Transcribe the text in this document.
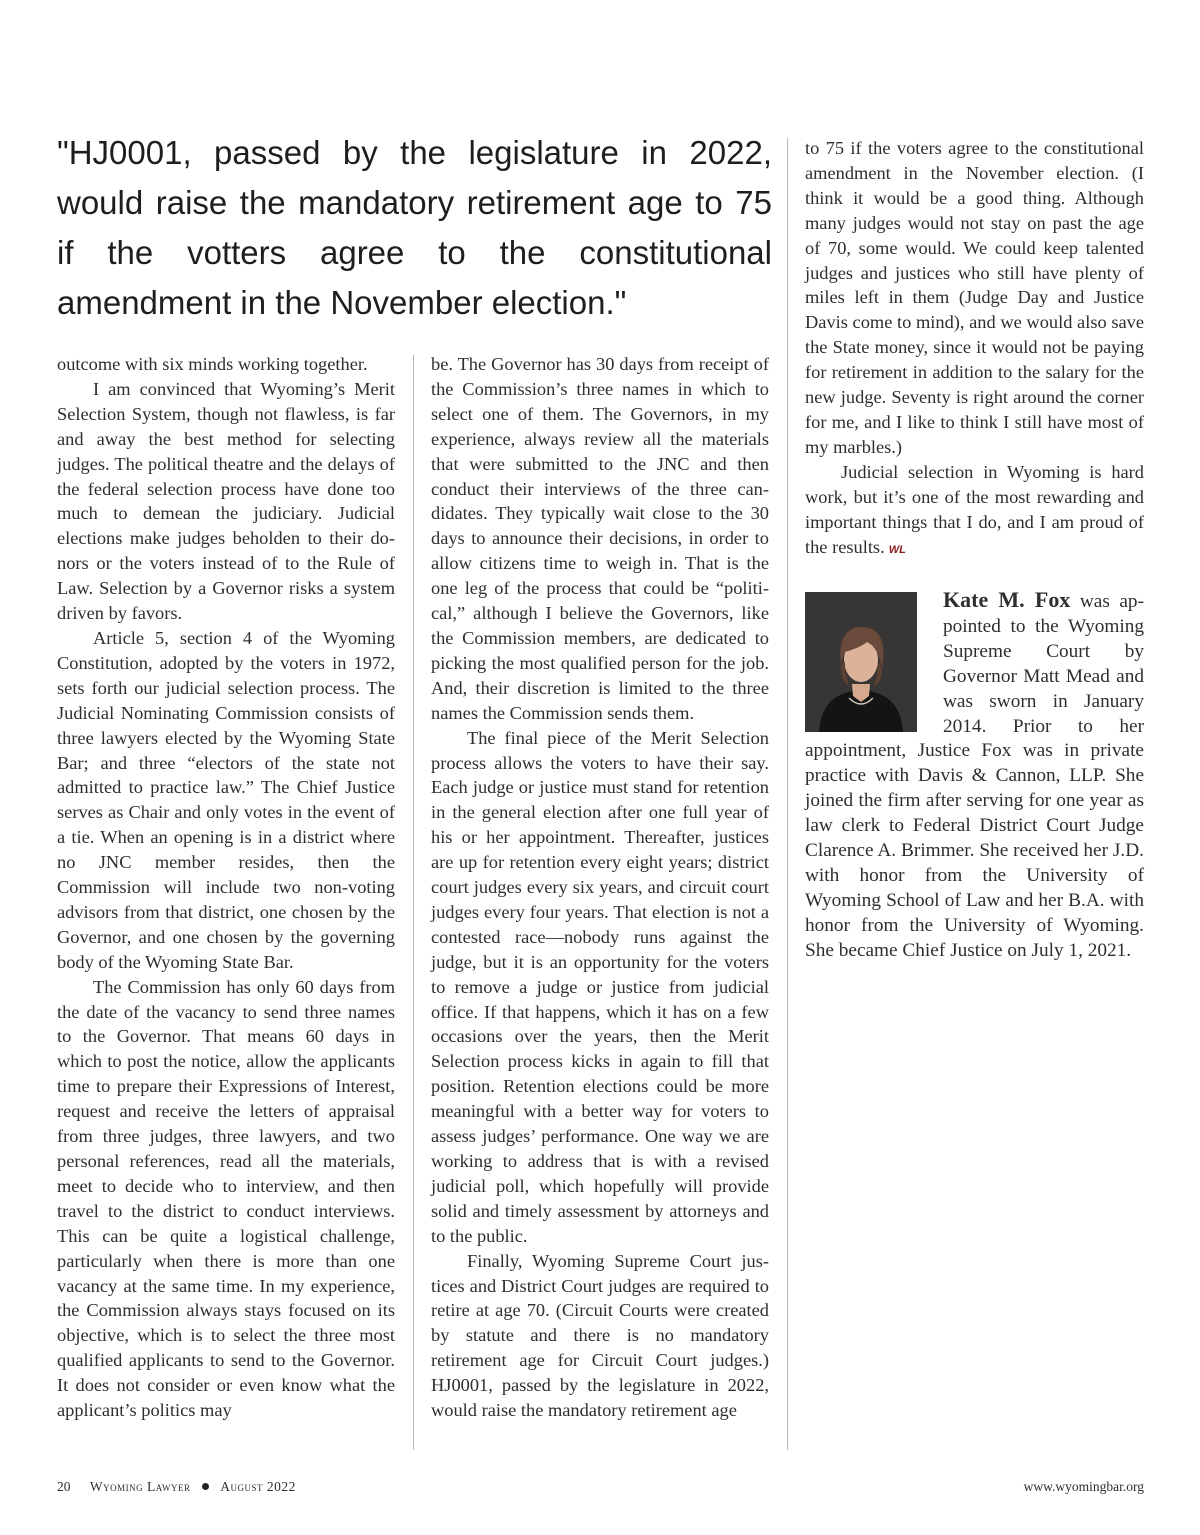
"HJ0001, passed by the legislature in 2022, would raise the mandatory retirement age to 75 if the votters agree to the constitutional amendment in the November election."

outcome with six minds working together.

I am convinced that Wyoming’s Merit Selection System, though not flawless, is far and away the best method for selecting judges. The political theatre and the delays of the federal selection process have done too much to demean the judiciary. Judicial elections make judges beholden to their donors or the voters instead of to the Rule of Law. Selection by a Governor risks a system driven by favors.

Article 5, section 4 of the Wyoming Constitution, adopted by the voters in 1972, sets forth our judicial selection process. The Judicial Nominating Commission consists of three lawyers elected by the Wyoming State Bar; and three “electors of the state not admitted to practice law.” The Chief Justice serves as Chair and only votes in the event of a tie. When an opening is in a district where no JNC member resides, then the Commission will include two non-voting advisors from that district, one chosen by the Governor, and one chosen by the governing body of the Wyoming State Bar.

The Commission has only 60 days from the date of the vacancy to send three names to the Governor. That means 60 days in which to post the notice, allow the applicants time to prepare their Expressions of Interest, request and receive the letters of appraisal from three judges, three lawyers, and two personal references, read all the materials, meet to decide who to interview, and then travel to the district to conduct interviews. This can be quite a logistical challenge, particularly when there is more than one vacancy at the same time. In my experience, the Commission always stays focused on its objective, which is to select the three most qualified applicants to send to the Governor. It does not consider or even know what the applicant’s politics may

be. The Governor has 30 days from receipt of the Commission’s three names in which to select one of them. The Governors, in my experience, always review all the materials that were submitted to the JNC and then conduct their interviews of the three candidates. They typically wait close to the 30 days to announce their decisions, in order to allow citizens time to weigh in. That is the one leg of the process that could be “political,” although I believe the Governors, like the Commission members, are dedicated to picking the most qualified person for the job. And, their discretion is limited to the three names the Commission sends them.

The final piece of the Merit Selection process allows the voters to have their say. Each judge or justice must stand for retention in the general election after one full year of his or her appointment. Thereafter, justices are up for retention every eight years; district court judges every six years, and circuit court judges every four years. That election is not a contested race—nobody runs against the judge, but it is an opportunity for the voters to remove a judge or justice from judicial office. If that happens, which it has on a few occasions over the years, then the Merit Selection process kicks in again to fill that position. Retention elections could be more meaningful with a better way for voters to assess judges’ performance. One way we are working to address that is with a revised judicial poll, which hopefully will provide solid and timely assessment by attorneys and to the public.

Finally, Wyoming Supreme Court justices and District Court judges are required to retire at age 70. (Circuit Courts were created by statute and there is no mandatory retirement age for Circuit Court judges.) HJ0001, passed by the legislature in 2022, would raise the mandatory retirement age

to 75 if the voters agree to the constitutional amendment in the November election. (I think it would be a good thing. Although many judges would not stay on past the age of 70, some would. We could keep talented judges and justices who still have plenty of miles left in them (Judge Day and Justice Davis come to mind), and we would also save the State money, since it would not be paying for retirement in addition to the salary for the new judge. Seventy is right around the corner for me, and I like to think I still have most of my marbles.)

Judicial selection in Wyoming is hard work, but it’s one of the most rewarding and important things that I do, and I am proud of the results. WL

Kate M. Fox was appointed to the Wyoming Supreme Court by Governor Matt Mead and was sworn in January 2014. Prior to her appointment, Justice Fox was in private practice with Davis & Cannon, LLP. She joined the firm after serving for one year as law clerk to Federal District Court Judge Clarence A. Brimmer. She received her J.D. with honor from the University of Wyoming School of Law and her B.A. with honor from the University of Wyoming. She became Chief Justice on July 1, 2021.
20 Wyoming Lawyer August 2022	www.wyomingbar.org
